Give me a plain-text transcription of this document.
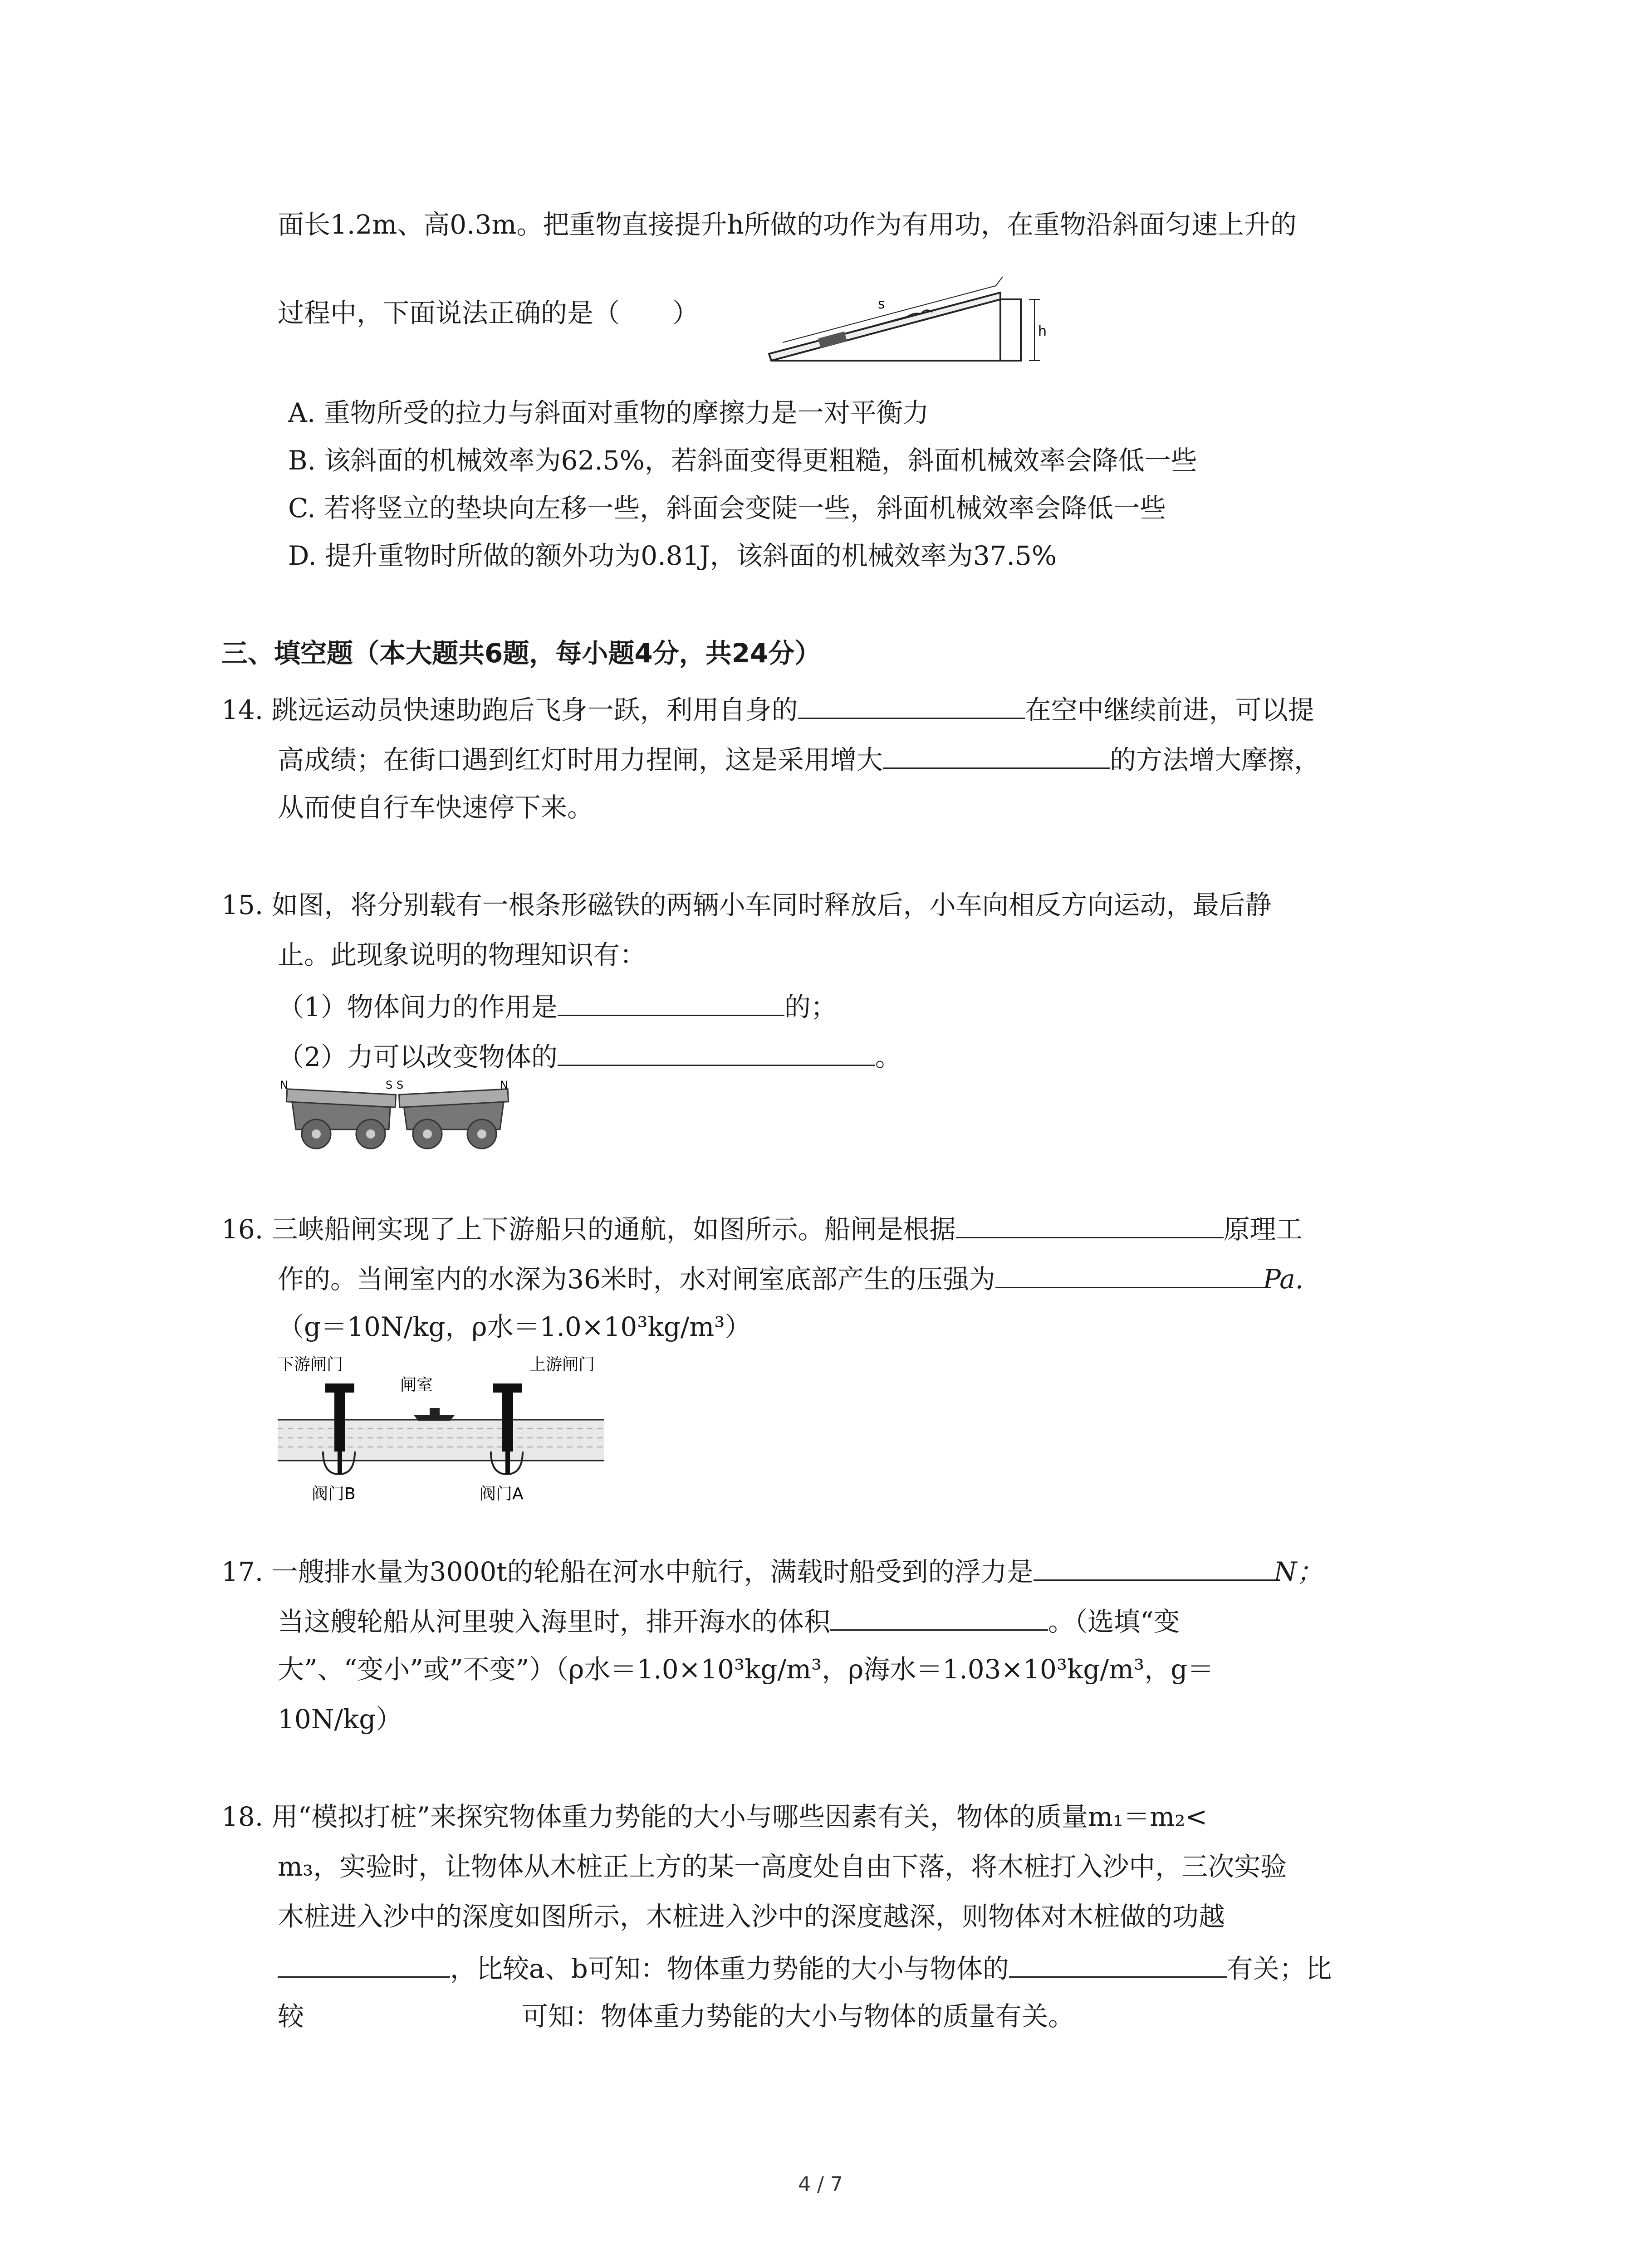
面长1.2m、高0.3m。把重物直接提升h所做的功作为有用功，在重物沿斜面匀速上升的
过程中，下面说法正确的是（　　）	s
h
A. 重物所受的拉力与斜面对重物的摩擦力是一对平衡力
B. 该斜面的机械效率为62.5%，若斜面变得更粗糙，斜面机械效率会降低一些
C. 若将竖立的垫块向左移一些，斜面会变陡一些，斜面机械效率会降低一些
D. 提升重物时所做的额外功为0.81J，该斜面的机械效率为37.5%
三、填空题（本大题共6题，每小题4分，共24分）
14. 跳远运动员快速助跑后飞身一跃，利用自身的	在空中继续前进，可以提
高成绩；在街口遇到红灯时用力捏闸，这是采用增大	的方法增大摩擦，
从而使自行车快速停下来。
15. 如图，将分别载有一根条形磁铁的两辆小车同时释放后，小车向相反方向运动，最后静
止。此现象说明的物理知识有：
（1）物体间力的作用是	的；
（2）力可以改变物体的	。
N	S S	N
16. 三峡船闸实现了上下游船只的通航，如图所示。船闸是根据	原理工
作的。当闸室内的水深为36米时，水对闸室底部产生的压强为	Pa.
（g＝10N/kg，ρ水＝1.0×10³kg/m³）
下游闸门
闸室
上游闸门
阀门B	阀门A
17. 一艘排水量为3000t的轮船在河水中航行，满载时船受到的浮力是	N；
当这艘轮船从河里驶入海里时，排开海水的体积	。（选填“变
大”、“变小”或”不变”）（ρ水＝1.0×10³kg/m³，ρ海水＝1.03×10³kg/m³，g＝
10N/kg）
18. 用“模拟打桩”来探究物体重力势能的大小与哪些因素有关，物体的质量m₁＝m₂<
m₃，实验时，让物体从木桩正上方的某一高度处自由下落，将木桩打入沙中，三次实验
木桩进入沙中的深度如图所示，木桩进入沙中的深度越深，则物体对木桩做的功越
，比较a、b可知：物体重力势能的大小与物体的	有关；比
较	可知：物体重力势能的大小与物体的质量有关。
4 / 7
